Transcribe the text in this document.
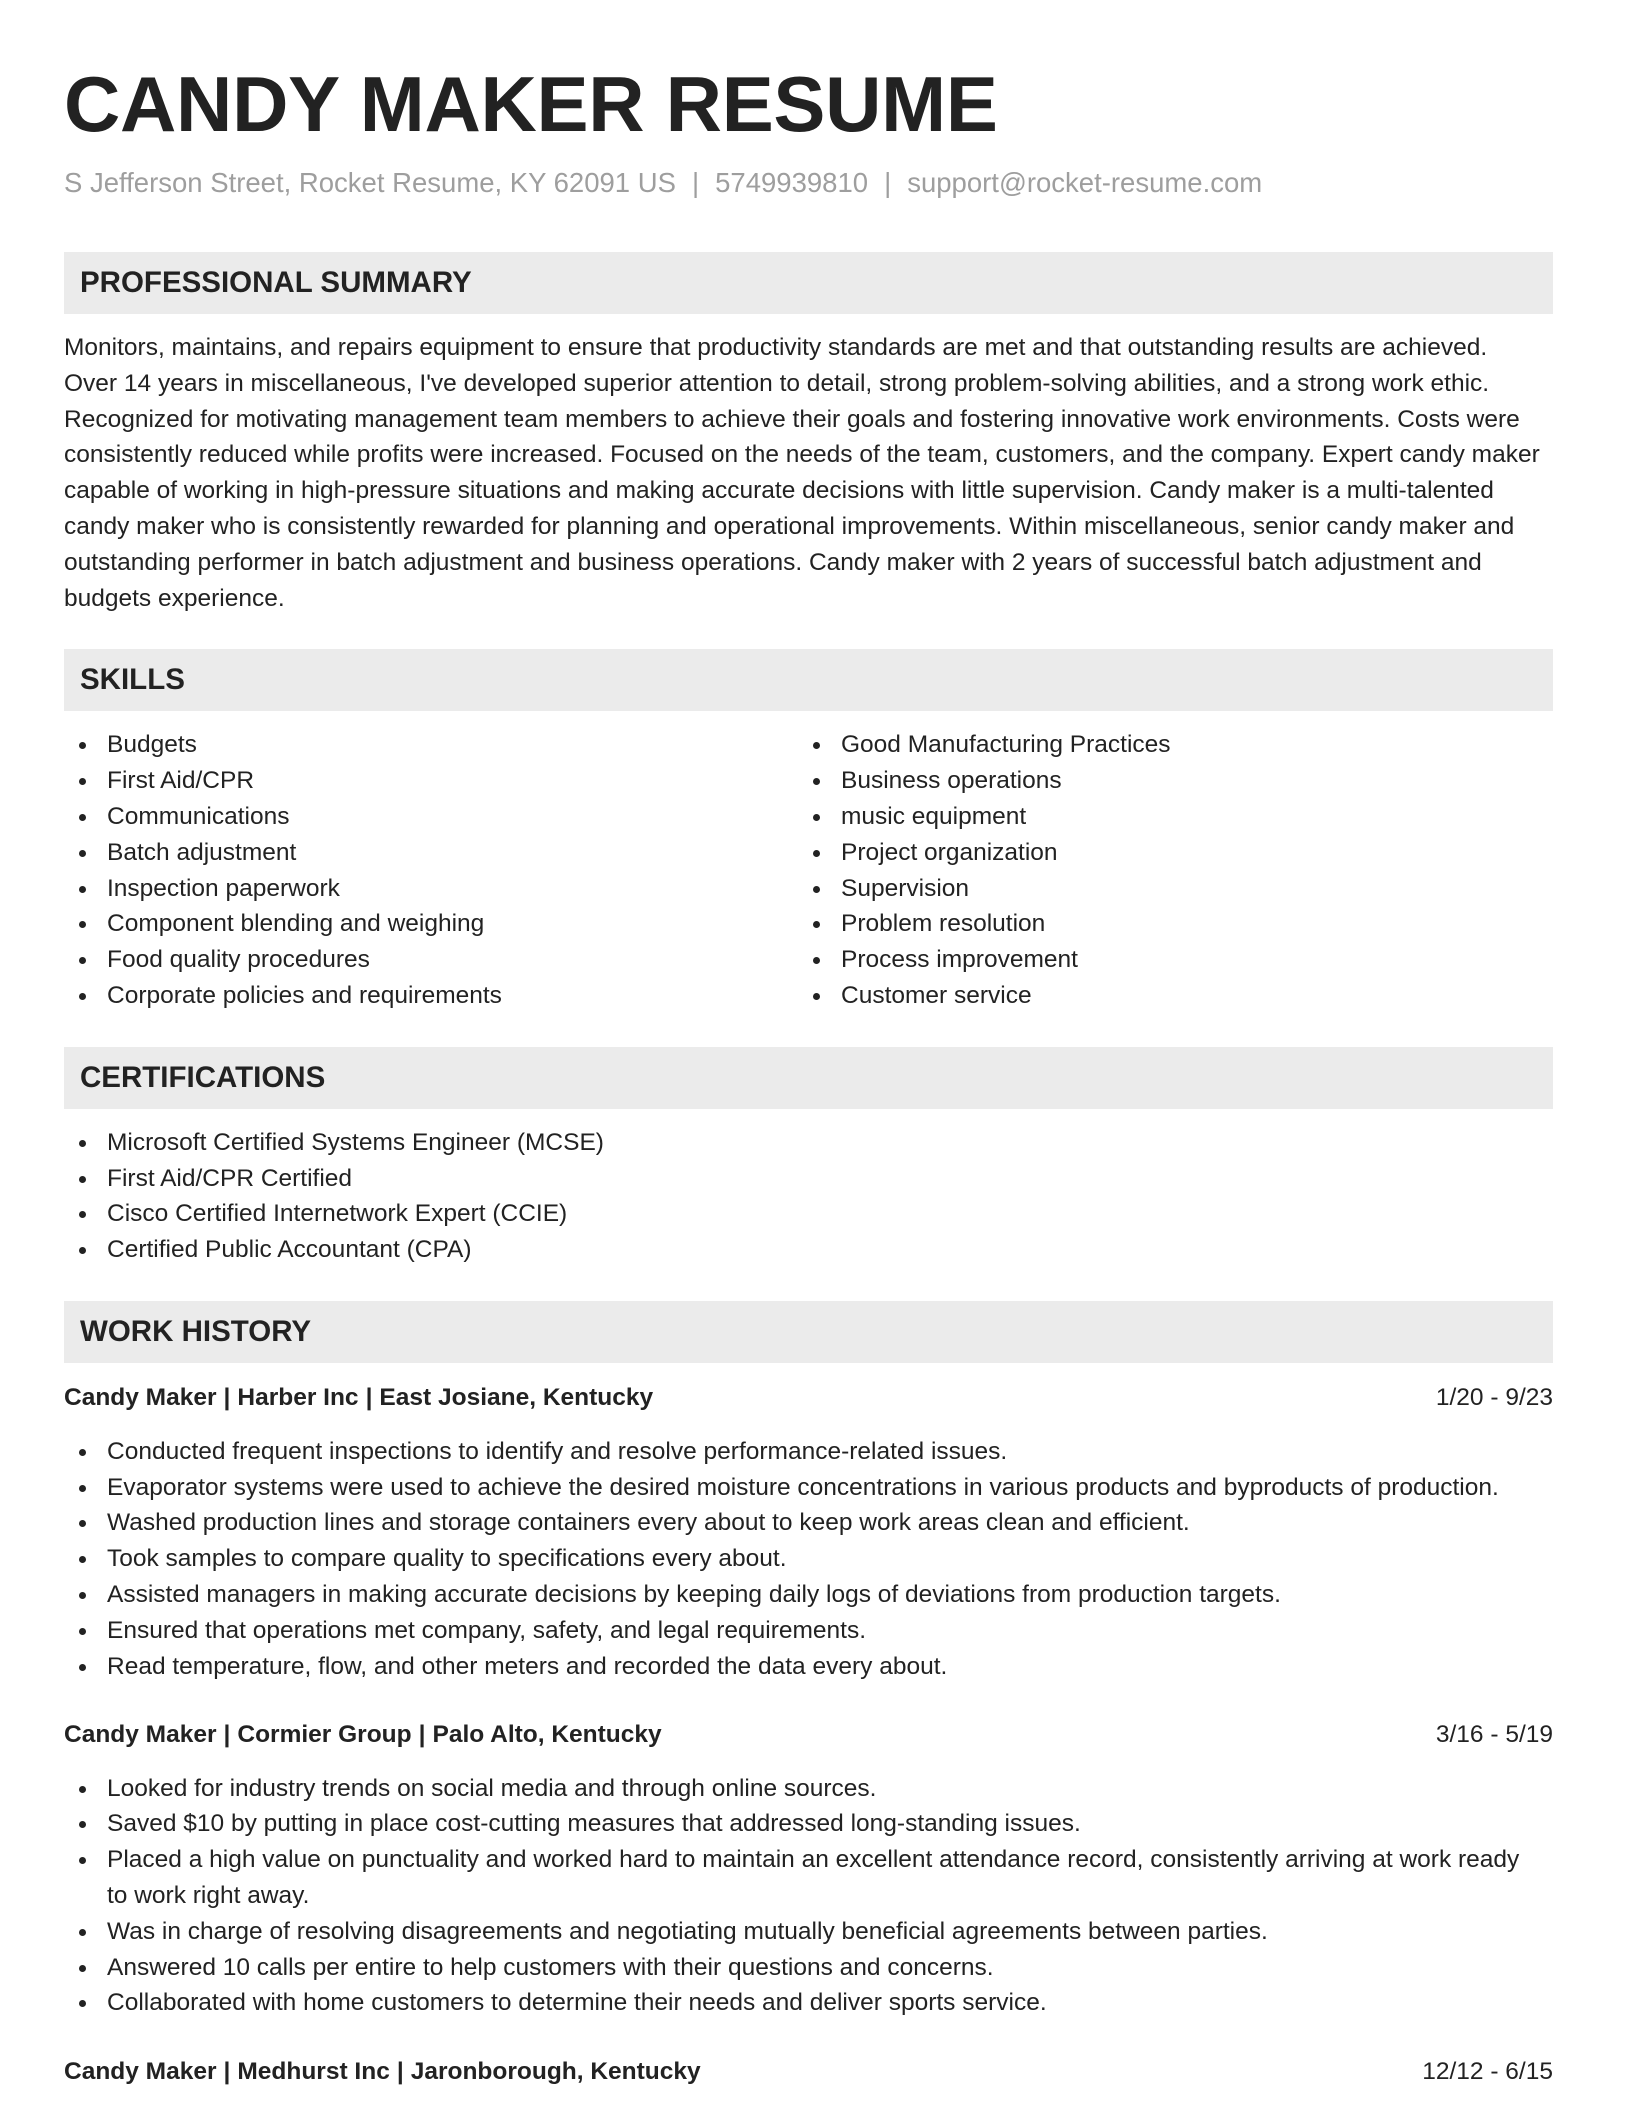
CANDY MAKER RESUME
S Jefferson Street, Rocket Resume, KY 62091 US | 5749939810 | support@rocket-resume.com
PROFESSIONAL SUMMARY
Monitors, maintains, and repairs equipment to ensure that productivity standards are met and that outstanding results are achieved.
Over 14 years in miscellaneous, I've developed superior attention to detail, strong problem-solving abilities, and a strong work ethic.
Recognized for motivating management team members to achieve their goals and fostering innovative work environments. Costs were
consistently reduced while profits were increased. Focused on the needs of the team, customers, and the company. Expert candy maker
capable of working in high-pressure situations and making accurate decisions with little supervision. Candy maker is a multi-talented
candy maker who is consistently rewarded for planning and operational improvements. Within miscellaneous, senior candy maker and
outstanding performer in batch adjustment and business operations. Candy maker with 2 years of successful batch adjustment and
budgets experience.
SKILLS
Budgets
First Aid/CPR
Communications
Batch adjustment
Inspection paperwork
Component blending and weighing
Food quality procedures
Corporate policies and requirements
Good Manufacturing Practices
Business operations
music equipment
Project organization
Supervision
Problem resolution
Process improvement
Customer service
CERTIFICATIONS
Microsoft Certified Systems Engineer (MCSE)
First Aid/CPR Certified
Cisco Certified Internetwork Expert (CCIE)
Certified Public Accountant (CPA)
WORK HISTORY
Candy Maker | Harber Inc | East Josiane, Kentucky	1/20 - 9/23
Conducted frequent inspections to identify and resolve performance-related issues.
Evaporator systems were used to achieve the desired moisture concentrations in various products and byproducts of production.
Washed production lines and storage containers every about to keep work areas clean and efficient.
Took samples to compare quality to specifications every about.
Assisted managers in making accurate decisions by keeping daily logs of deviations from production targets.
Ensured that operations met company, safety, and legal requirements.
Read temperature, flow, and other meters and recorded the data every about.
Candy Maker | Cormier Group | Palo Alto, Kentucky	3/16 - 5/19
Looked for industry trends on social media and through online sources.
Saved $10 by putting in place cost-cutting measures that addressed long-standing issues.
Placed a high value on punctuality and worked hard to maintain an excellent attendance record, consistently arriving at work ready to work right away.
Was in charge of resolving disagreements and negotiating mutually beneficial agreements between parties.
Answered 10 calls per entire to help customers with their questions and concerns.
Collaborated with home customers to determine their needs and deliver sports service.
Candy Maker | Medhurst Inc | Jaronborough, Kentucky	12/12 - 6/15
